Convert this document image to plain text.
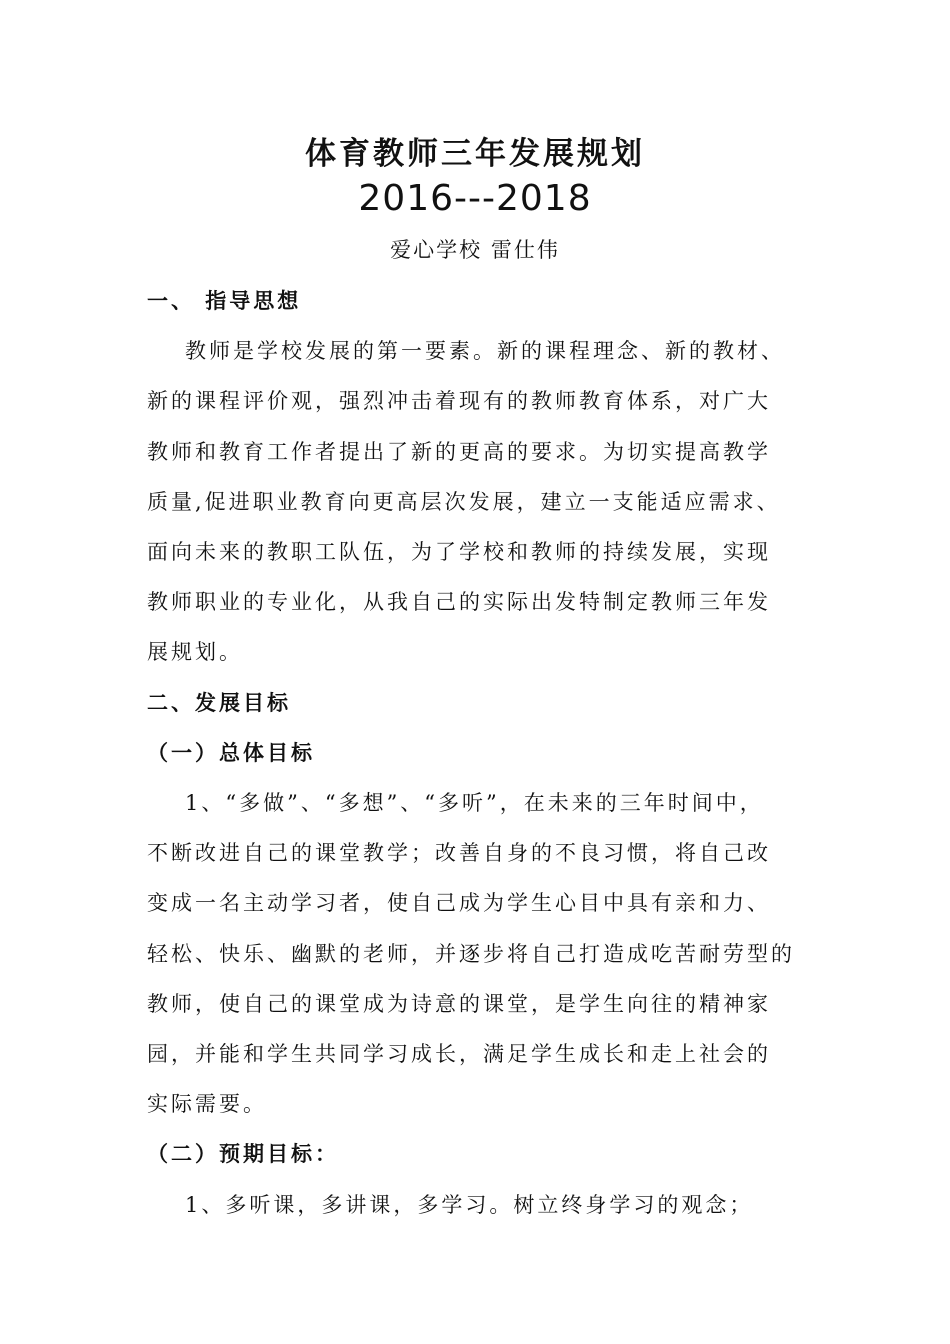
体育教师三年发展规划
2016---2018
爱心学校 雷仕伟
一、 指导思想
教师是学校发展的第一要素。新的课程理念、新的教材、
新的课程评价观，强烈冲击着现有的教师教育体系，对广大
教师和教育工作者提出了新的更高的要求。为切实提高教学
质量,促进职业教育向更高层次发展，建立一支能适应需求、
面向未来的教职工队伍，为了学校和教师的持续发展，实现
教师职业的专业化，从我自己的实际出发特制定教师三年发
展规划。
二、发展目标
（一）总体目标
1、“多做”、“多想”、“多听”，在未来的三年时间中，
不断改进自己的课堂教学；改善自身的不良习惯，将自己改
变成一名主动学习者，使自己成为学生心目中具有亲和力、
轻松、快乐、幽默的老师，并逐步将自己打造成吃苦耐劳型的
教师，使自己的课堂成为诗意的课堂，是学生向往的精神家
园，并能和学生共同学习成长，满足学生成长和走上社会的
实际需要。
（二）预期目标：
1、多听课，多讲课，多学习。树立终身学习的观念；
